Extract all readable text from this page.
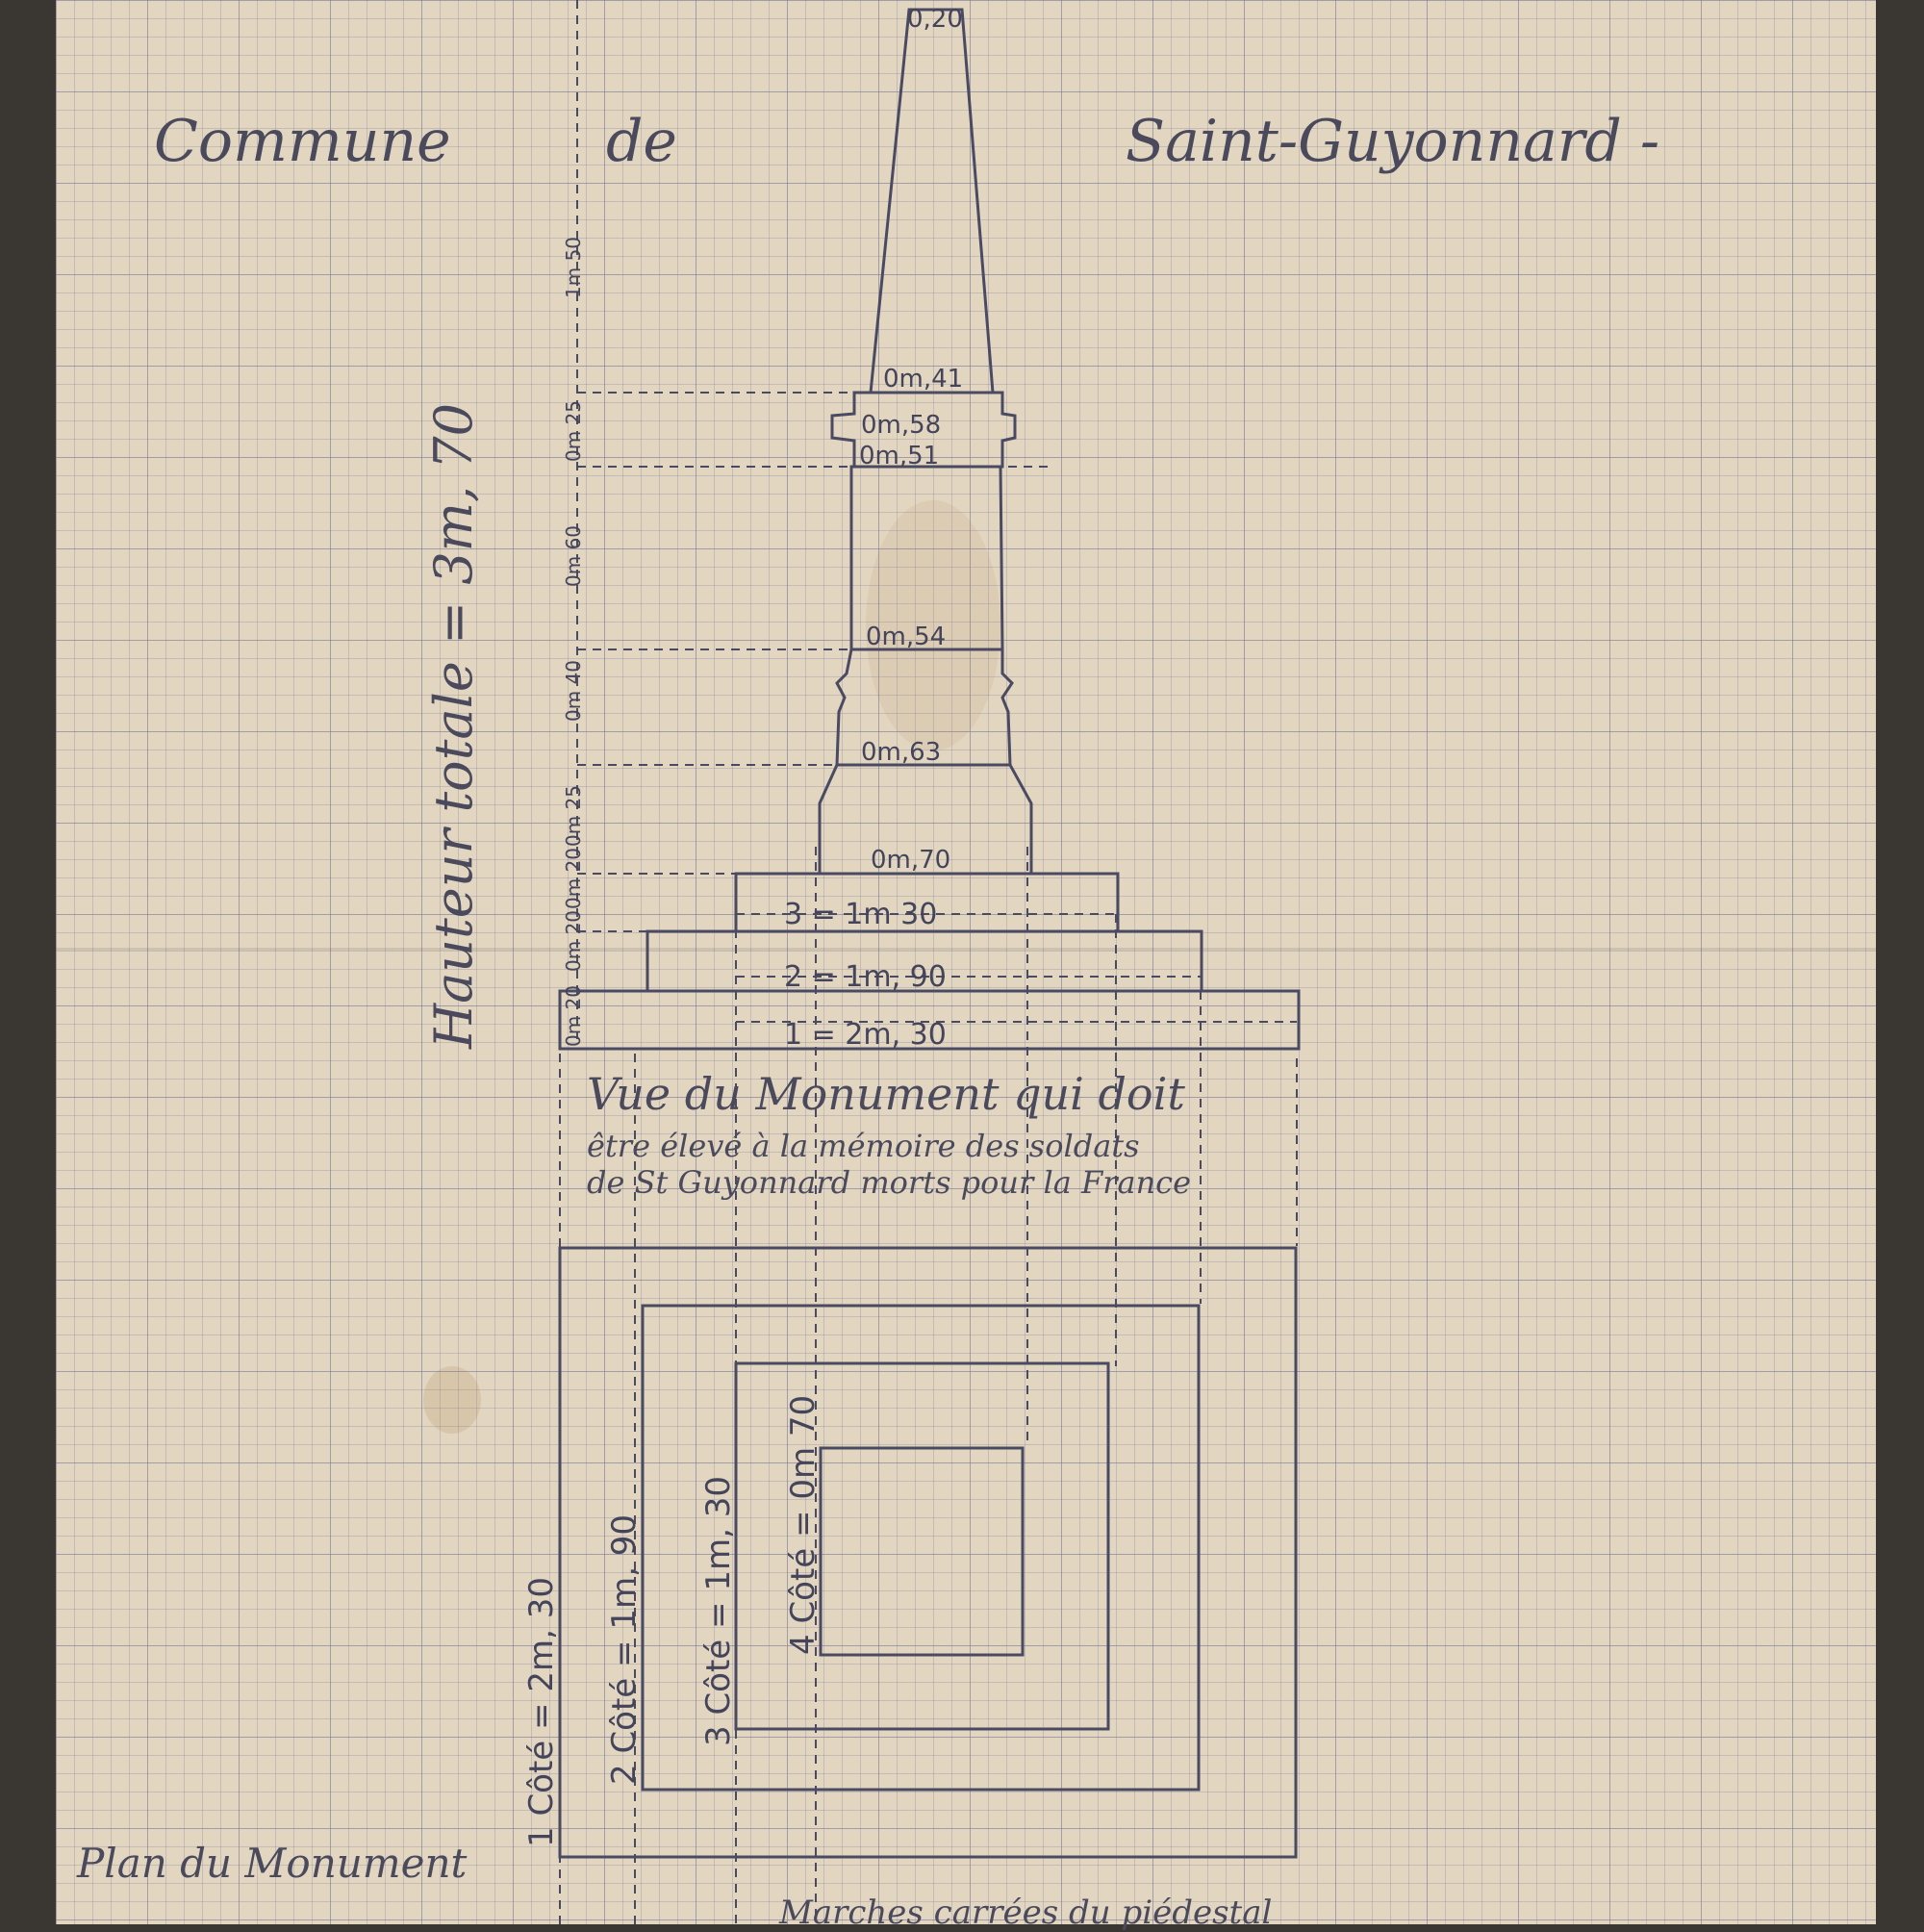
Commune	de	Saint-Guyonnard -
Hauteur totale = 3m, 70
0,20
0m,41
0m,58
0m,51
0m,54
0m,63
0m,70
1m 50
0m 25
0m 60
0m 40
0m 25
0m 20
0m 20
0m 20
3 = 1m 30
2 = 1m, 90
1 = 2m, 30
1 Côté = 2m, 30 2 Côté = 1m, 90 3 Côté = 1m, 30 4 Côté = 0m 70
Vue du Monument qui doit
être élevé à la mémoire des soldats
de St Guyonnard morts pour la France
Plan du Monument
Marches carrées du piédestal
